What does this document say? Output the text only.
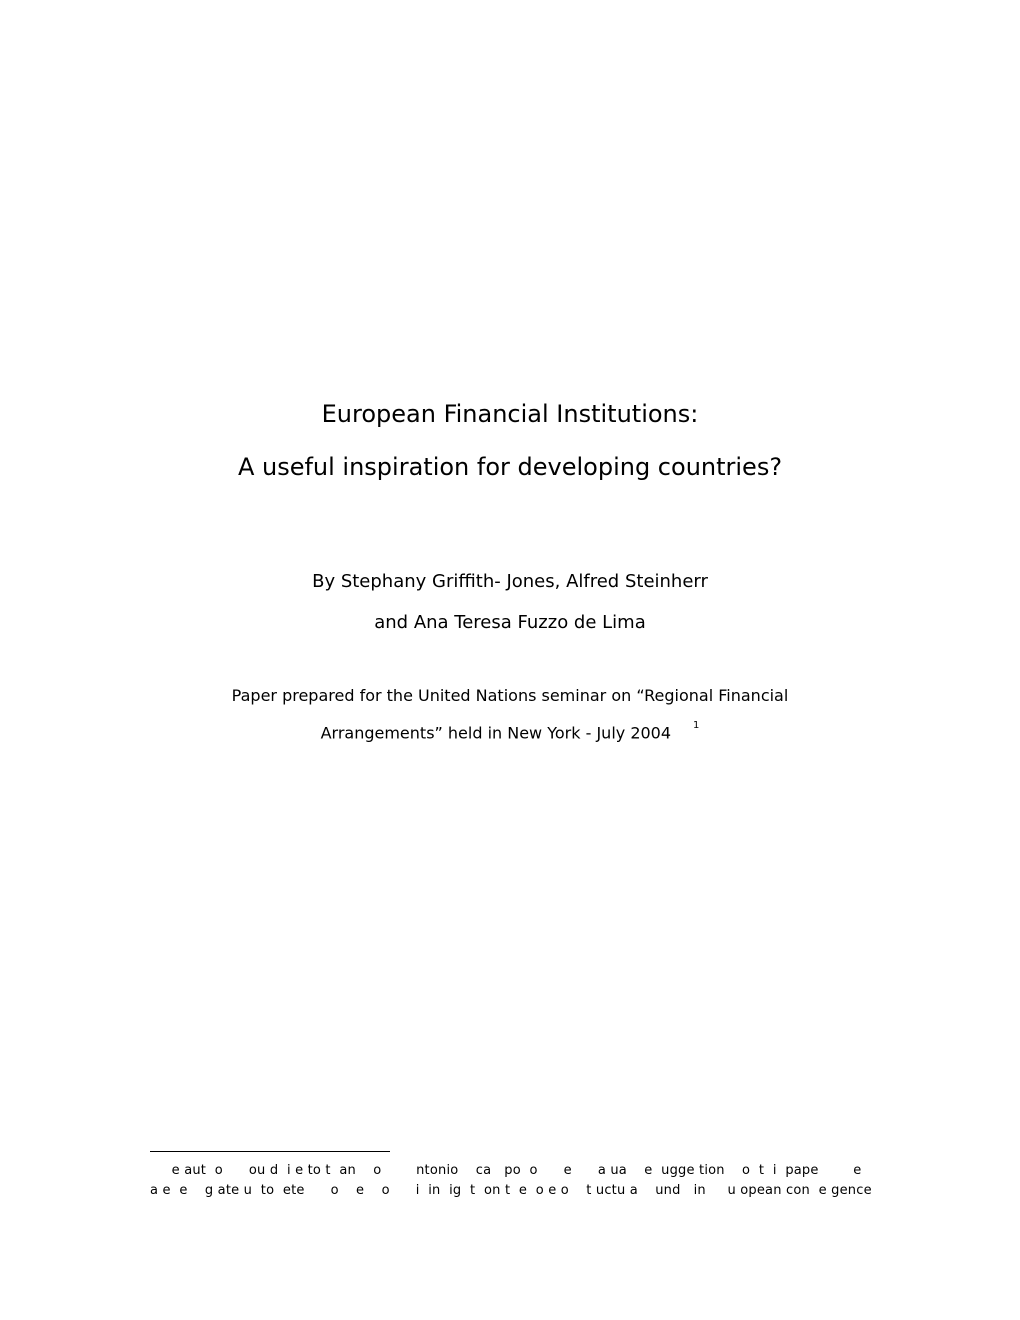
European Financial Institutions:
A useful inspiration for developing countries?

By Stephany Griffith- Jones, Alfred Steinherr

and Ana Teresa Fuzzo de Lima

Paper prepared for the United Nations seminar on “Regional Financial

Arrangements” held in New York - July 2004 $^1$

e aut  o      ou d  i e to t  an    o        ntonio    ca   po  o      e      a ua    e  ugge tion    o  t  i  pape        e

a e  e    g ate u  to  ete      o    e    o      i  in  ig  t  on t  e  o e o    t uctu a    und   in     u opean con  e gence
